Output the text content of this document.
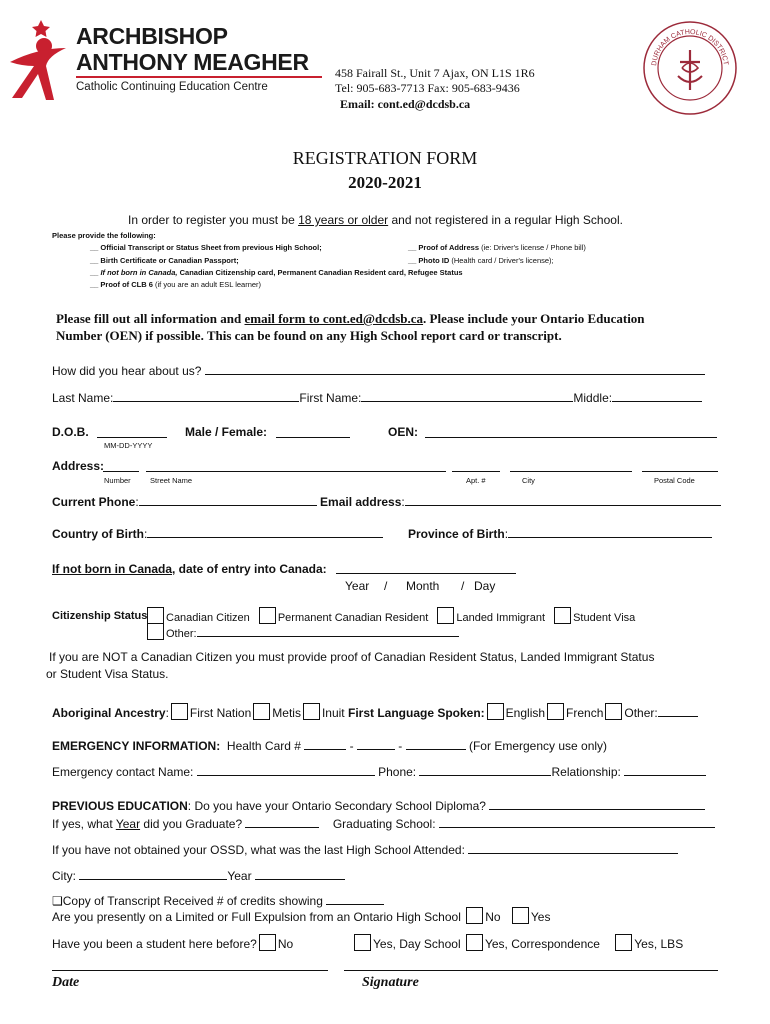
ARCHBISHOP
ANTHONY MEAGHER
Catholic Continuing Education Centre
458 Fairall St., Unit 7 Ajax, ON L1S 1R6
Tel: 905-683-7713 Fax: 905-683-9436
Email: cont.ed@dcdsb.ca
DURHAM CATHOLIC DISTRICT
REGISTRATION FORM
2020-2021
In order to register you must be 18 years or older and not registered in a regular High School.
Please provide the following:
__ Official Transcript or Status Sheet from previous High School;	__ Proof of Address (ie: Driver's license / Phone bill)
__ Birth Certificate or Canadian Passport;	__ Photo ID (Health card / Driver's license);
__ If not born in Canada, Canadian Citizenship card, Permanent Canadian Resident card, Refugee Status
__ Proof of CLB 6 (if you are an adult ESL learner)
Please fill out all information and email form to cont.ed@dcdsb.ca. Please include your Ontario Education
Number (OEN) if possible. This can be found on any High School report card or transcript.
How did you hear about us?
Last Name:	First Name:	Middle:
D.O.B.
MM-DD-YYYY
Male / Female:	OEN:
Address:
Number	Street Name	Apt. #	City	Postal Code
Current Phone:	Email address:
Country of Birth:	Province of Birth:
If not born in Canada, date of entry into Canada:
Year / Month / Day
Citizenship Status	Canadian Citizen	Permanent Canadian Resident	Landed Immigrant	Student Visa
Other:
If you are NOT a Canadian Citizen you must provide proof of Canadian Resident Status, Landed Immigrant Status
or Student Visa Status.
Aboriginal Ancestry: First Nation Metis Inuit First Language Spoken: English French Other:
EMERGENCY INFORMATION: Health Card #	-	-	(For Emergency use only)
Emergency contact Name:	Phone:	Relationship:
PREVIOUS EDUCATION: Do you have your Ontario Secondary School Diploma?
If yes, what Year did you Graduate?	Graduating School:
If you have not obtained your OSSD, what was the last High School Attended:
City:	Year
❑Copy of Transcript Received # of credits showing
Are you presently on a Limited or Full Expulsion from an Ontario High School No	Yes
Have you been a student here before? No	Yes, Day School Yes, Correspondence	Yes, LBS
Date	Signature
